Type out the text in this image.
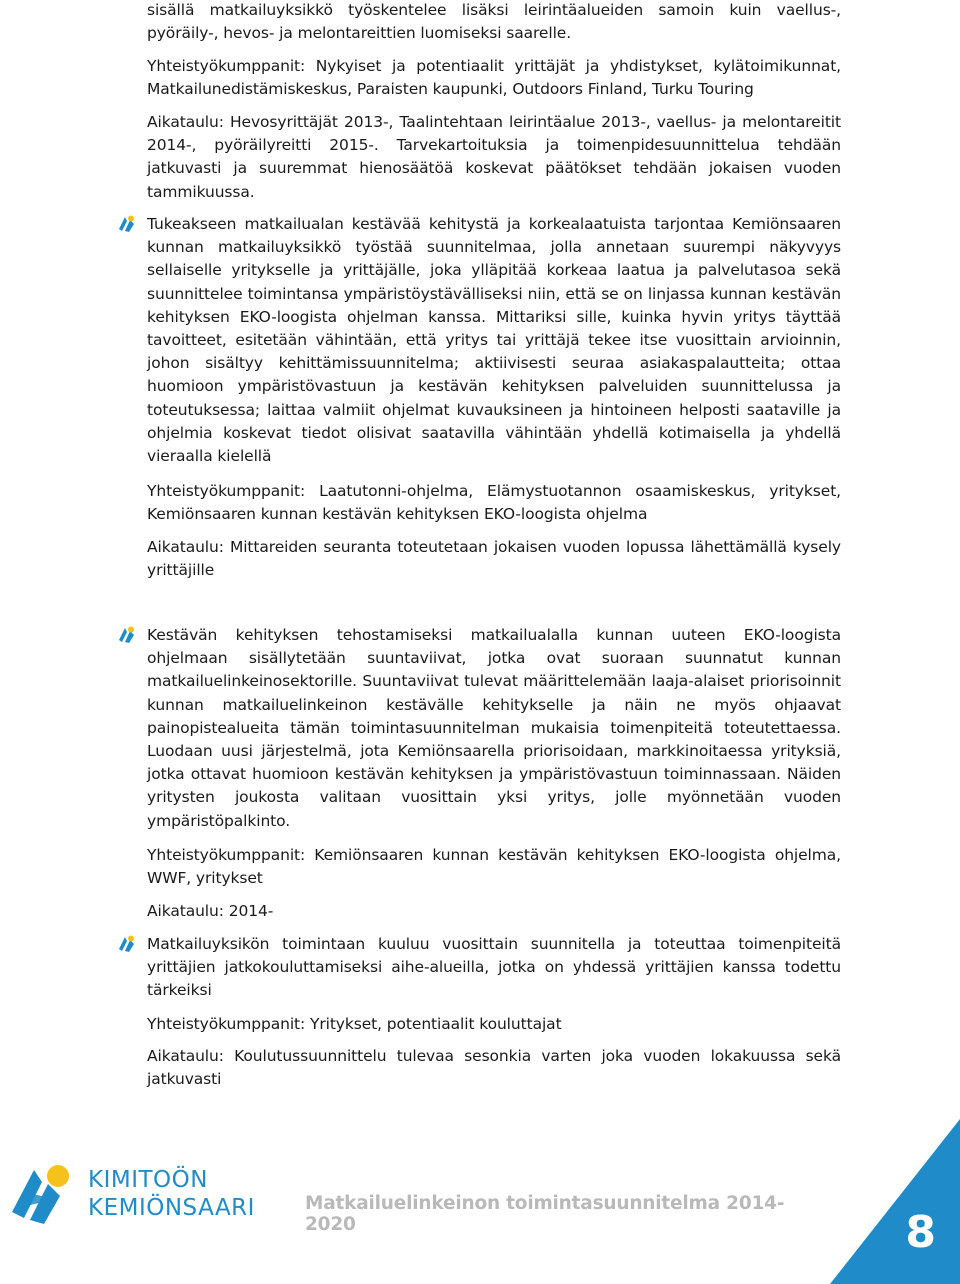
sisällä matkailuyksikkö työskentelee lisäksi leirintäalueiden samoin kuin vaellus-, pyöräily-, hevos- ja melontareittien luomiseksi saarelle.

Yhteistyökumppanit: Nykyiset ja potentiaalit yrittäjät ja yhdistykset, kylätoimikunnat, Matkailunedistämiskeskus, Paraisten kaupunki, Outdoors Finland, Turku Touring

Aikataulu: Hevosyrittäjät 2013-, Taalintehtaan leirintäalue 2013-, vaellus- ja melontareitit 2014-, pyöräilyreitti 2015-. Tarvekartoituksia ja toimenpidesuunnittelua tehdään jatkuvasti ja suuremmat hienosäätöä koskevat päätökset tehdään jokaisen vuoden tammikuussa.

Tukeakseen matkailualan kestävää kehitystä ja korkealaatuista tarjontaa Kemiönsaaren kunnan matkailuyksikkö työstää suunnitelmaa, jolla annetaan suurempi näkyvyys sellaiselle yritykselle ja yrittäjälle, joka ylläpitää korkeaa laatua ja palvelutasoa sekä suunnittelee toimintansa ympäristöystävälliseksi niin, että se on linjassa kunnan kestävän kehityksen EKO-loogista ohjelman kanssa. Mittariksi sille, kuinka hyvin yritys täyttää tavoitteet, esitetään vähintään, että yritys tai yrittäjä tekee itse vuosittain arvioinnin, johon sisältyy kehittämissuunnitelma; aktiivisesti seuraa asiakaspalautteita; ottaa huomioon ympäristövastuun ja kestävän kehityksen palveluiden suunnittelussa ja toteutuksessa; laittaa valmiit ohjelmat kuvauksineen ja hintoineen helposti saataville ja ohjelmia koskevat tiedot olisivat saatavilla vähintään yhdellä kotimaisella ja yhdellä vieraalla kielellä

Yhteistyökumppanit: Laatutonni-ohjelma, Elämystuotannon osaamiskeskus, yritykset, Kemiönsaaren kunnan kestävän kehityksen EKO-loogista ohjelma

Aikataulu: Mittareiden seuranta toteutetaan jokaisen vuoden lopussa lähettämällä kysely yrittäjille

Kestävän kehityksen tehostamiseksi matkailualalla kunnan uuteen EKO-loogista ohjelmaan sisällytetään suuntaviivat, jotka ovat suoraan suunnatut kunnan matkailuelinkeinosektorille. Suuntaviivat tulevat määrittelemään laaja-alaiset priorisoinnit kunnan matkailuelinkeinon kestävälle kehitykselle ja näin ne myös ohjaavat painopistealueita tämän toimintasuunnitelman mukaisia toimenpiteitä toteutettaessa. Luodaan uusi järjestelmä, jota Kemiönsaarella priorisoidaan, markkinoitaessa yrityksiä, jotka ottavat huomioon kestävän kehityksen ja ympäristövastuun toiminnassaan. Näiden yritysten joukosta valitaan vuosittain yksi yritys, jolle myönnetään vuoden ympäristöpalkinto.

Yhteistyökumppanit: Kemiönsaaren kunnan kestävän kehityksen EKO-loogista ohjelma, WWF, yritykset

Aikataulu: 2014-

Matkailuyksikön toimintaan kuuluu vuosittain suunnitella ja toteuttaa toimenpiteitä yrittäjien jatkokouluttamiseksi aihe-alueilla, jotka on yhdessä yrittäjien kanssa todettu tärkeiksi

Yhteistyökumppanit: Yritykset, potentiaalit kouluttajat

Aikataulu: Koulutussuunnittelu tulevaa sesonkia varten joka vuoden lokakuussa sekä jatkuvasti

KIMITOÖN
KEMIÖNSAARI	Matkailuelinkeinon toimintasuunnitelma 2014-2020	8
